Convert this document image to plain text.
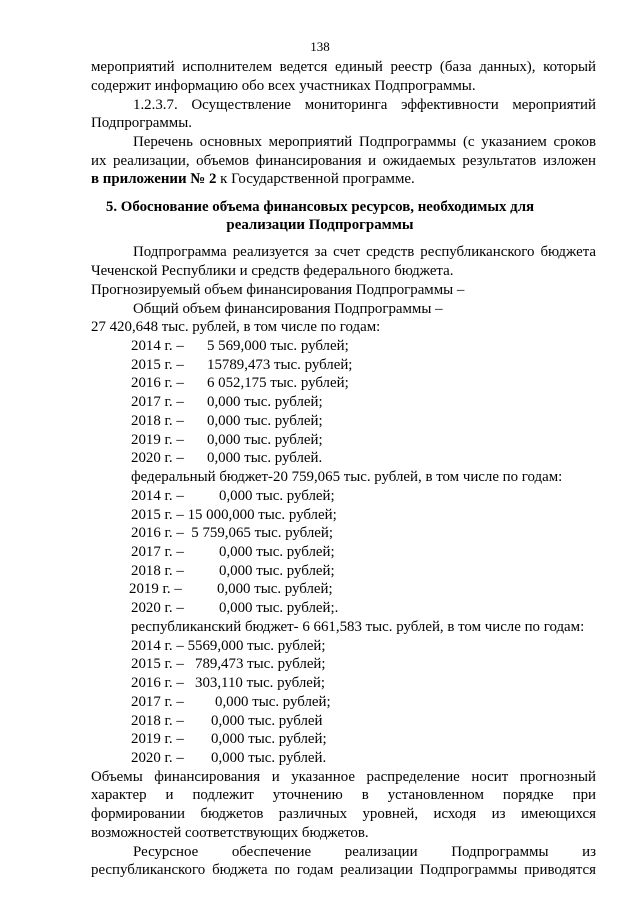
138
мероприятий исполнителем ведется единый реестр (база данных), который
содержит информацию обо всех участниках Подпрограммы.
1.2.3.7. Осуществление мониторинга эффективности мероприятий
Подпрограммы.
Перечень основных мероприятий Подпрограммы (с указанием сроков
их реализации, объемов финансирования и ожидаемых результатов изложен
в приложении № 2 к Государственной программе.
5. Обоснование объема финансовых ресурсов, необходимых для
реализации Подпрограммы
Подпрограмма реализуется за счет средств республиканского бюджета
Чеченской Республики и средств федерального бюджета.
Прогнозируемый объем финансирования Подпрограммы –
Общий объем финансирования Подпрограммы –
27 420,648 тыс. рублей, в том числе по годам:
2014 г. – 5 569,000 тыс. рублей;
2015 г. – 15789,473 тыс. рублей;
2016 г. – 6 052,175 тыс. рублей;
2017 г. – 0,000 тыс. рублей;
2018 г. – 0,000 тыс. рублей;
2019 г. – 0,000 тыс. рублей;
2020 г. – 0,000 тыс. рублей.
федеральный бюджет-20 759,065 тыс. рублей, в том числе по годам:
2014 г. – 0,000 тыс. рублей;
2015 г. – 15 000,000 тыс. рублей;
2016 г. – 5 759,065 тыс. рублей;
2017 г. – 0,000 тыс. рублей;
2018 г. – 0,000 тыс. рублей;
2019 г. – 0,000 тыс. рублей;
2020 г. – 0,000 тыс. рублей;.
республиканский бюджет- 6 661,583 тыс. рублей, в том числе по годам:
2014 г. – 5569,000 тыс. рублей;
2015 г. – 789,473 тыс. рублей;
2016 г. – 303,110 тыс. рублей;
2017 г. – 0,000 тыс. рублей;
2018 г. – 0,000 тыс. рублей
2019 г. – 0,000 тыс. рублей;
2020 г. – 0,000 тыс. рублей.
Объемы финансирования и указанное распределение носит прогнозный
характер и подлежит уточнению в установленном порядке при
формировании бюджетов различных уровней, исходя из имеющихся
возможностей соответствующих бюджетов.
Ресурсное обеспечение реализации Подпрограммы из
республиканского бюджета по годам реализации Подпрограммы приводятся
